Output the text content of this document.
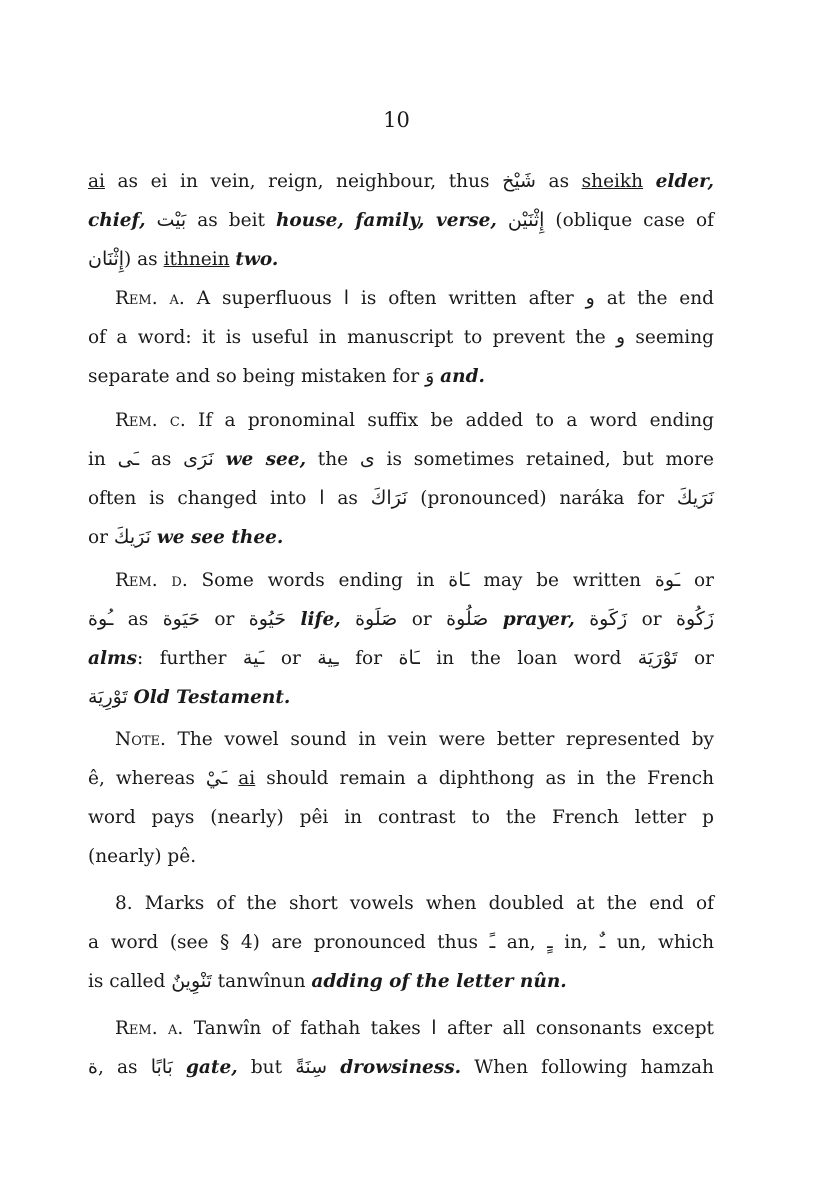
10
ai as ei in vein, reign, neighbour, thus شَيْخ as sheikh elder,
chief, بَيْت as beit house, family, verse, إِثْنَيْن (oblique case of
إِثْنَان) as ithnein two.
Rem. a. A superfluous ا is often written after و at the end
of a word: it is useful in manuscript to prevent the و seeming
separate and so being mistaken for وَ and.
Rem. c. If a pronominal suffix be added to a word ending
in ـَى as نَرَى we see, the ى is sometimes retained, but more
often is changed into ا as نَرَاكَ (pronounced) naráka for نَرَيكَ
or نَرَيكَ we see thee.
Rem. d. Some words ending in ـَاة may be written ـَوة or
ـُوة as حَيَوة or حَيُوة life, صَلَوة or صَلُوة prayer, زَكَوة or زَكُوة
alms: further ـَية or ـِية for ـَاة in the loan word تَوْرَيَة or
تَوْرِيَة Old Testament.
Note. The vowel sound in vein were better represented by
ê, whereas ـَيْ ai should remain a diphthong as in the French
word pays (nearly) pêi in contrast to the French letter p
(nearly) pê.
8. Marks of the short vowels when doubled at the end of
a word (see § 4) are pronounced thus ـً an, ـٍ in, ـٌ un, which
is called تَنْوِينٌ tanwînun adding of the letter nûn.
Rem. a. Tanwîn of fathah takes ا after all consonants except
ة, as بَابًا gate, but سِنَةً drowsiness. When following hamzah
